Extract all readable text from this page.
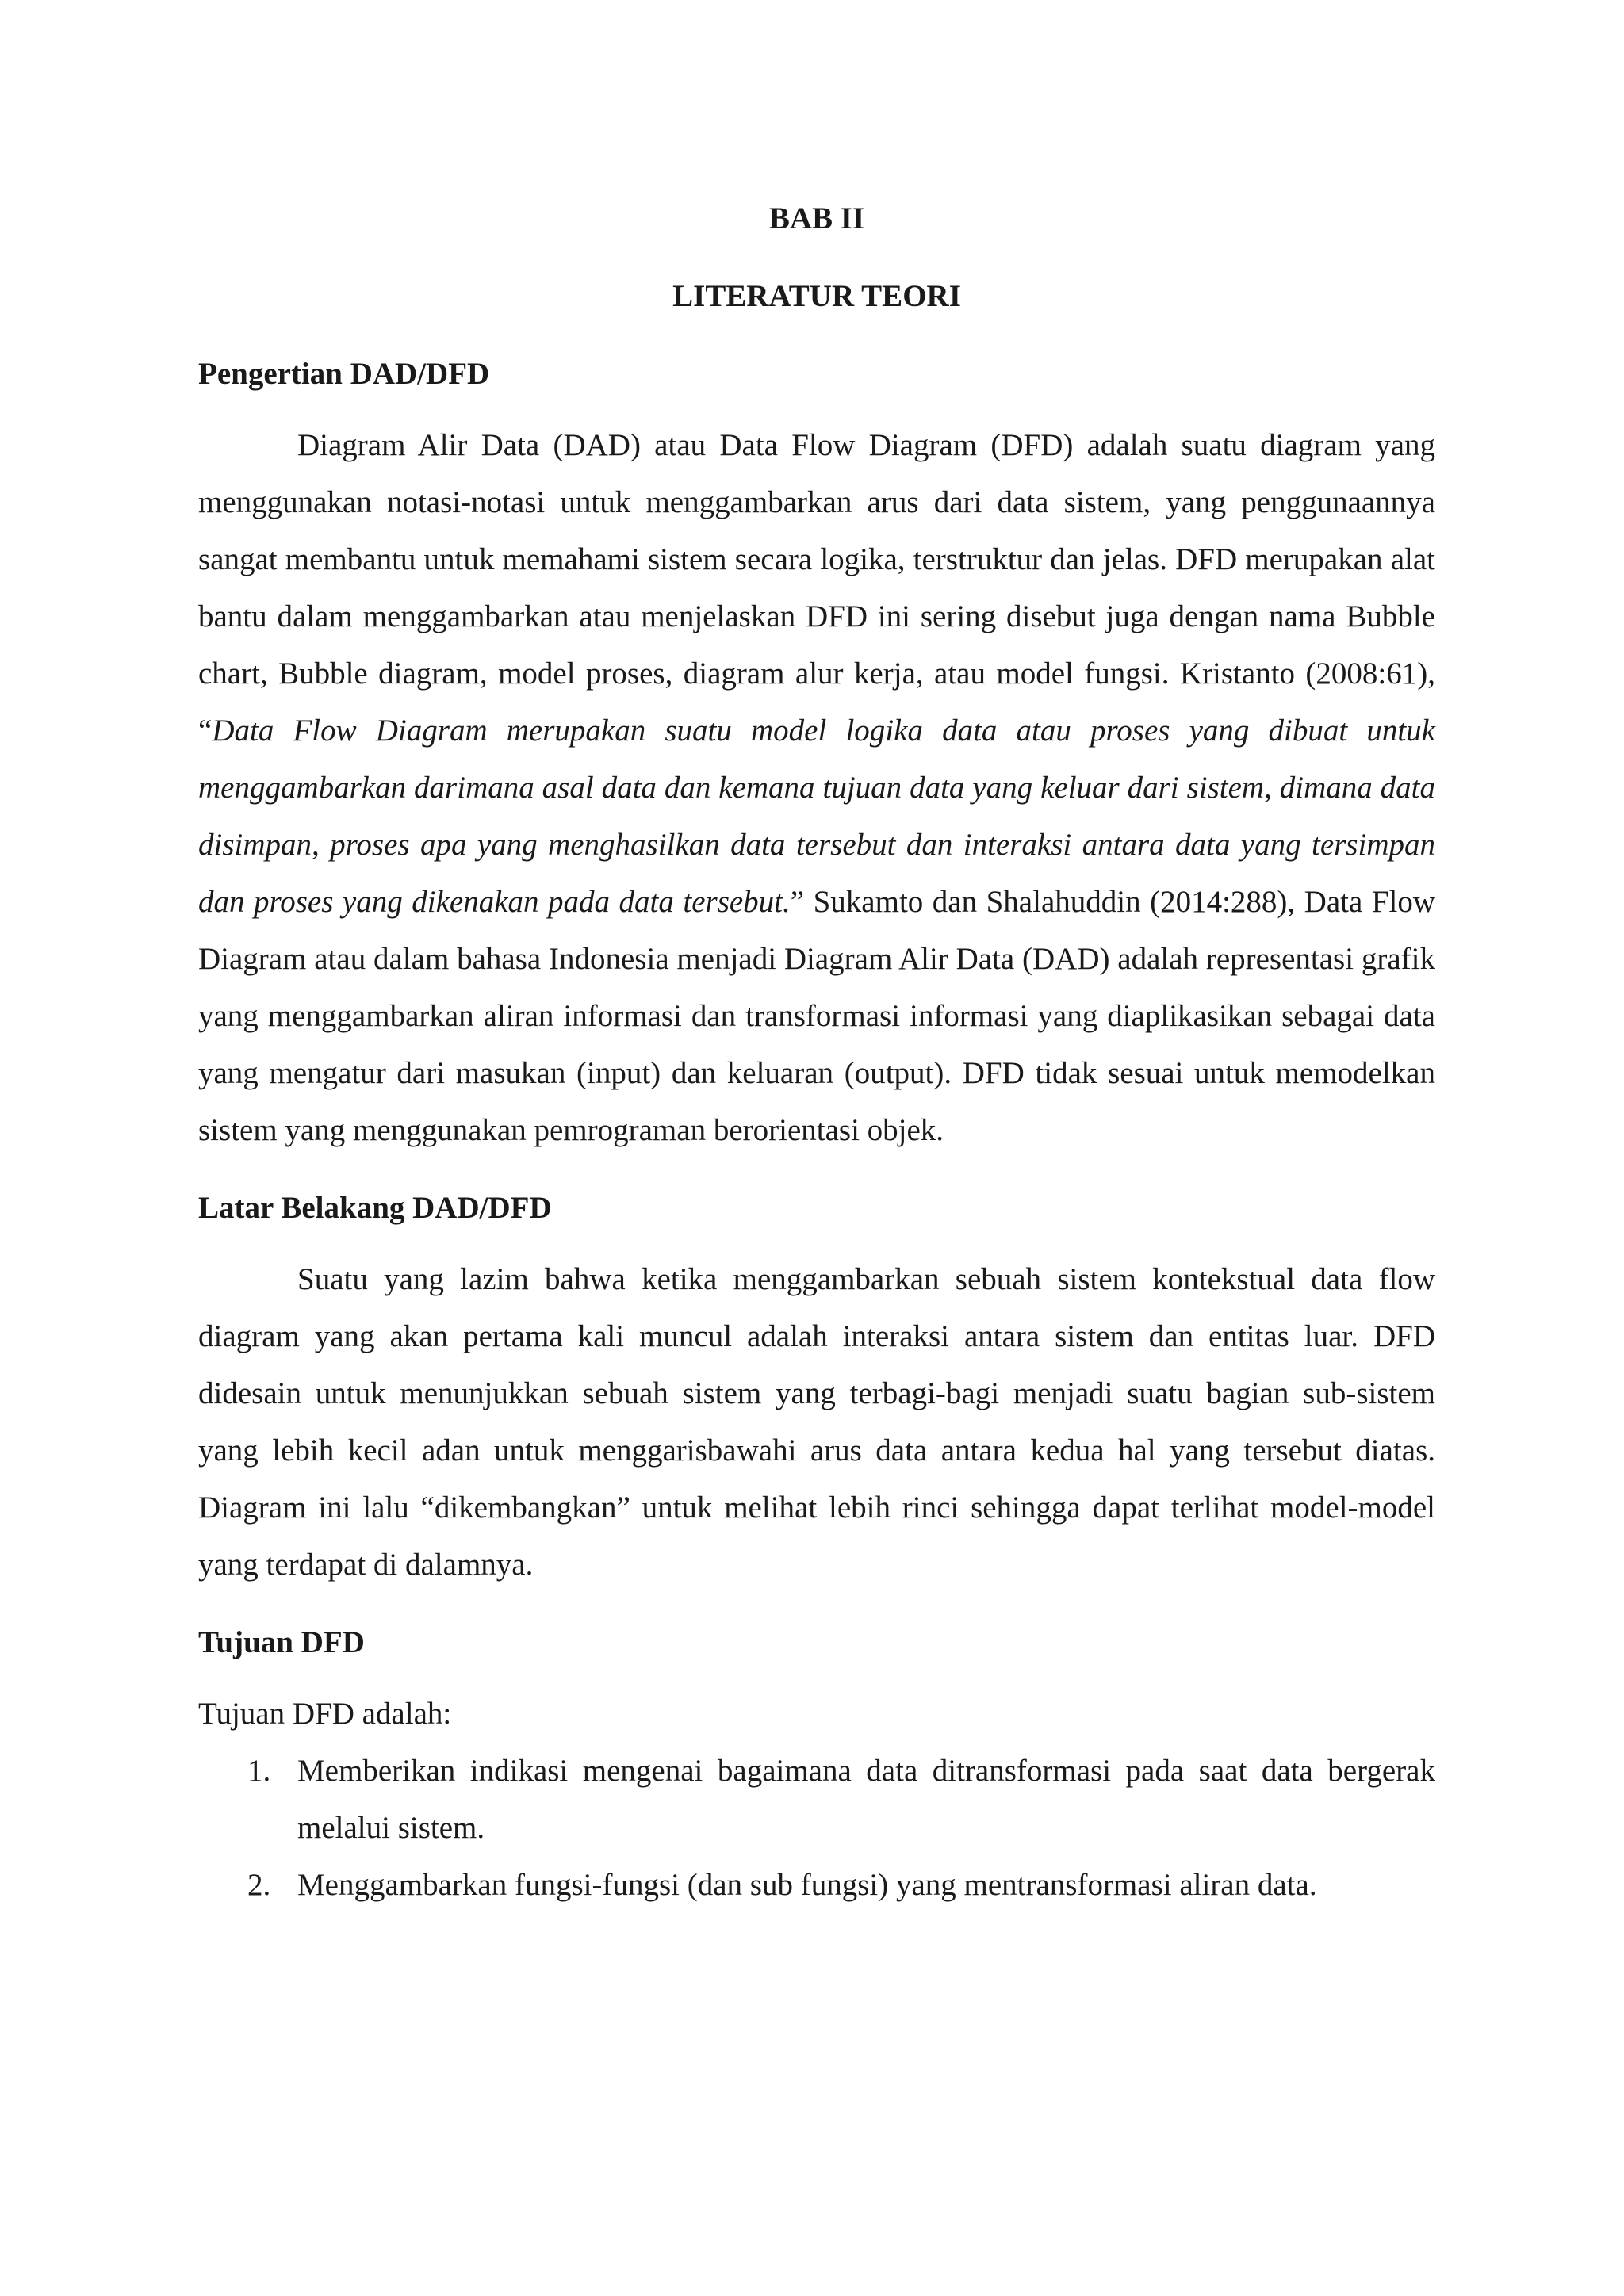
BAB II

LITERATUR TEORI

Pengertian DAD/DFD

Diagram Alir Data (DAD) atau Data Flow Diagram (DFD) adalah suatu diagram yang menggunakan notasi-notasi untuk menggambarkan arus dari data sistem, yang penggunaannya sangat membantu untuk memahami sistem secara logika, terstruktur dan jelas. DFD merupakan alat bantu dalam menggambarkan atau menjelaskan DFD ini sering disebut juga dengan nama Bubble chart, Bubble diagram, model proses, diagram alur kerja, atau model fungsi. Kristanto (2008:61), “Data Flow Diagram merupakan suatu model logika data atau proses yang dibuat untuk menggambarkan darimana asal data dan kemana tujuan data yang keluar dari sistem, dimana data disimpan, proses apa yang menghasilkan data tersebut dan interaksi antara data yang tersimpan dan proses yang dikenakan pada data tersebut.” Sukamto dan Shalahuddin (2014:288), Data Flow Diagram atau dalam bahasa Indonesia menjadi Diagram Alir Data (DAD) adalah representasi grafik yang menggambarkan aliran informasi dan transformasi informasi yang diaplikasikan sebagai data yang mengatur dari masukan (input) dan keluaran (output). DFD tidak sesuai untuk memodelkan sistem yang menggunakan pemrograman berorientasi objek.

Latar Belakang DAD/DFD

Suatu yang lazim bahwa ketika menggambarkan sebuah sistem kontekstual data flow diagram yang akan pertama kali muncul adalah interaksi antara sistem dan entitas luar. DFD didesain untuk menunjukkan sebuah sistem yang terbagi-bagi menjadi suatu bagian sub-sistem yang lebih kecil adan untuk menggarisbawahi arus data antara kedua hal yang tersebut diatas. Diagram ini lalu “dikembangkan” untuk melihat lebih rinci sehingga dapat terlihat model-model yang terdapat di dalamnya.

Tujuan DFD

Tujuan DFD adalah:

1. Memberikan indikasi mengenai bagaimana data ditransformasi pada saat data bergerak melalui sistem.
2. Menggambarkan fungsi-fungsi (dan sub fungsi) yang mentransformasi aliran data.
